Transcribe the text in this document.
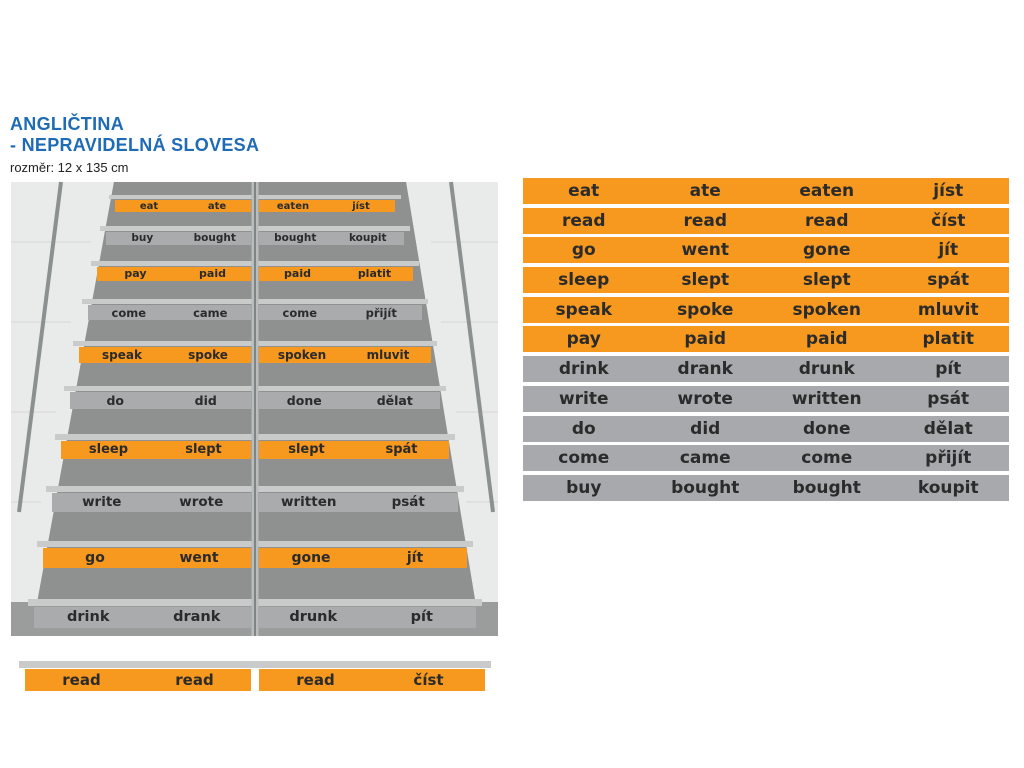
ANGLIČTINA
- NEPRAVIDELNÁ SLOVESA
rozměr: 12 x 135 cm
eat	ate	eaten	jíst
buy	bought	bought	koupit
pay	paid	paid	platit
come	came	come	přijít
speak	spoke	spoken	mluvit
do	did	done	dělat
sleep	slept	slept	spát
write	wrote	written	psát
go	went	gone	jít
drink	drank	drunk	pít
read	read	read	číst
eat	ate	eaten	jíst
read	read	read	číst
go	went	gone	jít
sleep	slept	slept	spát
speak	spoke	spoken	mluvit
pay	paid	paid	platit
drink	drank	drunk	pít
write	wrote	written	psát
do	did	done	dělat
come	came	come	přijít
buy	bought	bought	koupit
